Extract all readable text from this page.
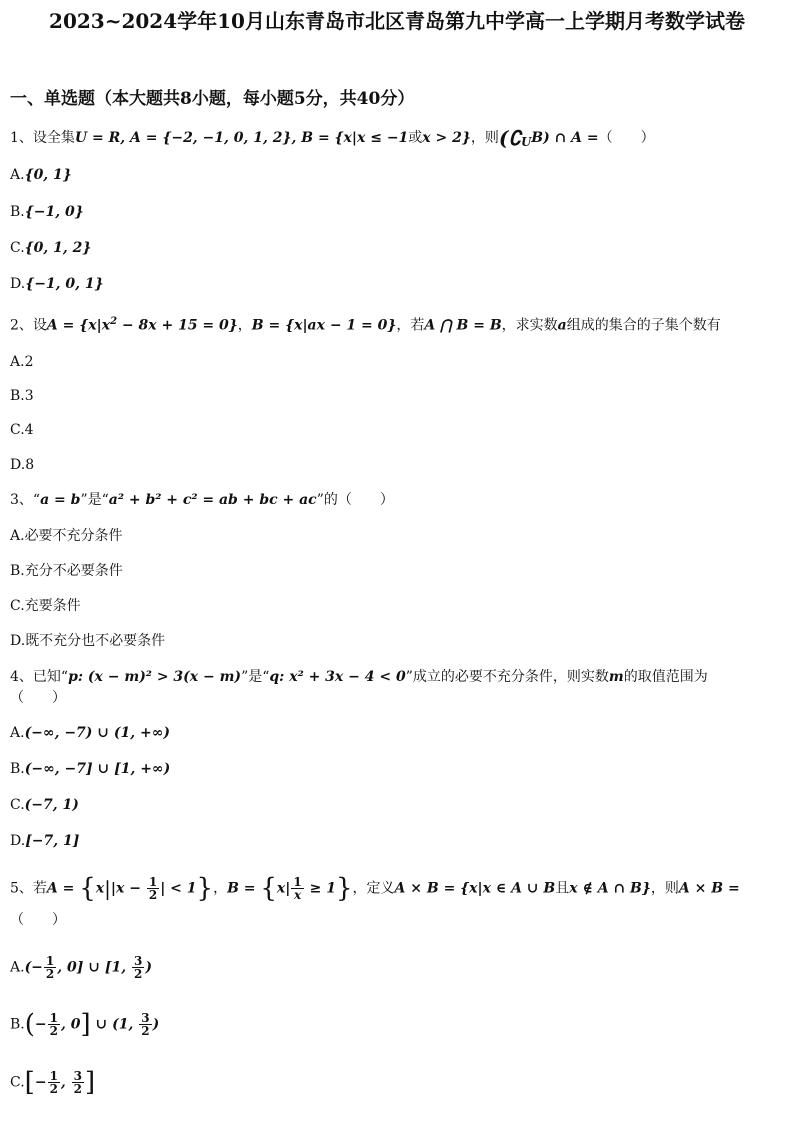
2023~2024学年10月山东青岛市北区青岛第九中学高一上学期月考数学试卷
一、单选题（本大题共8小题，每小题5分，共40分）
1、设全集U = R, A = {−2, −1, 0, 1, 2}, B = {x|x ≤ −1或x > 2}，则$(∁_UB)$ ∩ A =（　　）
A.{0, 1}
B.{−1, 0}
C.{0, 1, 2}
D.{−1, 0, 1}
2、设$A = \{x|x^2 - 8x + 15 = 0\}$，B = {x|ax − 1 = 0}，若A ⋂ B = B，求实数a组成的集合的子集个数有
A.2
B.3
C.4
D.8
3、“a = b”是“a² + b² + c² = ab + bc + ac”的（　　）
A.必要不充分条件
B.充分不必要条件
C.充要条件
D.既不充分也不必要条件
4、已知“p: (x − m)² > 3(x − m)”是“q: x² + 3x − 4 < 0”成立的必要不充分条件，则实数m的取值范围为
（　　）
A.(−∞, −7) ∪ (1, +∞)
B.(−∞, −7] ∪ [1, +∞)
C.(−7, 1)
D.[−7, 1]
5、若$A = \{x||x - \frac{1}{2}$ | < 1}，$B = \{x| \frac{1}{x} \ge 1\}$，定义A × B = {x|x ∈ A ∪ B且x ∉ A ∩ B}，则A × B =
（　　）
$A.(- \frac{1}{2}$ , 0] ∪ [1, $\frac{3}{2}$ )
$B.(- \frac{1}{2}$ , 0] ∪ (1, $\frac{3}{2}$ )
$C.[- \frac{1}{2}$ , $\frac{3}{2}$ ]
